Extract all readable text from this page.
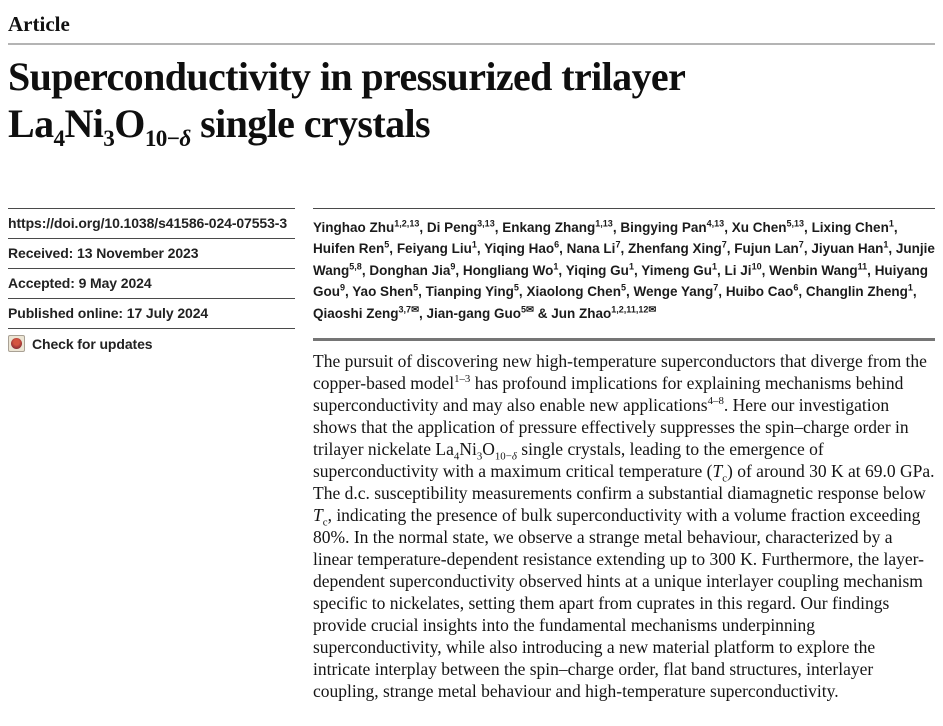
Article
Superconductivity in pressurized trilayer
$La_4Ni_3O_{10-\delta}$ single crystals
https://doi.org/10.1038/s41586-024-07553-3
Received: 13 November 2023
Accepted: 9 May 2024
Published online: 17 July 2024
Check for updates
Yinghao Zhu$^{1,2,13}$, Di Peng$^{3,13}$, Enkang Zhang$^{1,13}$, Bingying Pan$^{4,13}$, Xu Chen$^{5,13}$, Lixing Chen$^1$, Huifen Ren$^5$, Feiyang Liu$^1$, Yiqing Hao$^6$, Nana Li$^7$, Zhenfang Xing$^7$, Fujun Lan$^7$, Jiyuan Han$^1$, Junjie Wang$^{5,8}$, Donghan Jia$^9$, Hongliang Wo$^1$, Yiqing Gu$^1$, Yimeng Gu$^1$, Li Ji$^{10}$, Wenbin Wang$^{11}$, Huiyang Gou$^9$, Yao Shen$^5$, Tianping Ying$^5$, Xiaolong Chen$^5$, Wenge Yang$^7$, Huibo Cao$^6$, Changlin Zheng$^1$, Qiaoshi Zeng$^{3,7✉}$, Jian-gang Guo$^{5✉}$ & Jun Zhao$^{1,2,11,12✉}$

The pursuit of discovering new high-temperature superconductors that diverge from the copper-based model$^{1-3}$ has profound implications for explaining mechanisms behind superconductivity and may also enable new applications$^{4-8}$. Here our investigation shows that the application of pressure effectively suppresses the spin–charge order in trilayer nickelate $La_4Ni_3O_{10-\delta}$ single crystals, leading to the emergence of superconductivity with a maximum critical temperature $(T_c)$ of around 30 K at 69.0 GPa. The d.c. susceptibility measurements confirm a substantial diamagnetic response below $T_c$, indicating the presence of bulk superconductivity with a volume fraction exceeding 80%. In the normal state, we observe a strange metal behaviour, characterized by a linear temperature-dependent resistance extending up to 300 K. Furthermore, the layer-dependent superconductivity observed hints at a unique interlayer coupling mechanism specific to nickelates, setting them apart from cuprates in this regard. Our findings provide crucial insights into the fundamental mechanisms underpinning superconductivity, while also introducing a new material platform to explore the intricate interplay between the spin–charge order, flat band structures, interlayer coupling, strange metal behaviour and high-temperature superconductivity.
